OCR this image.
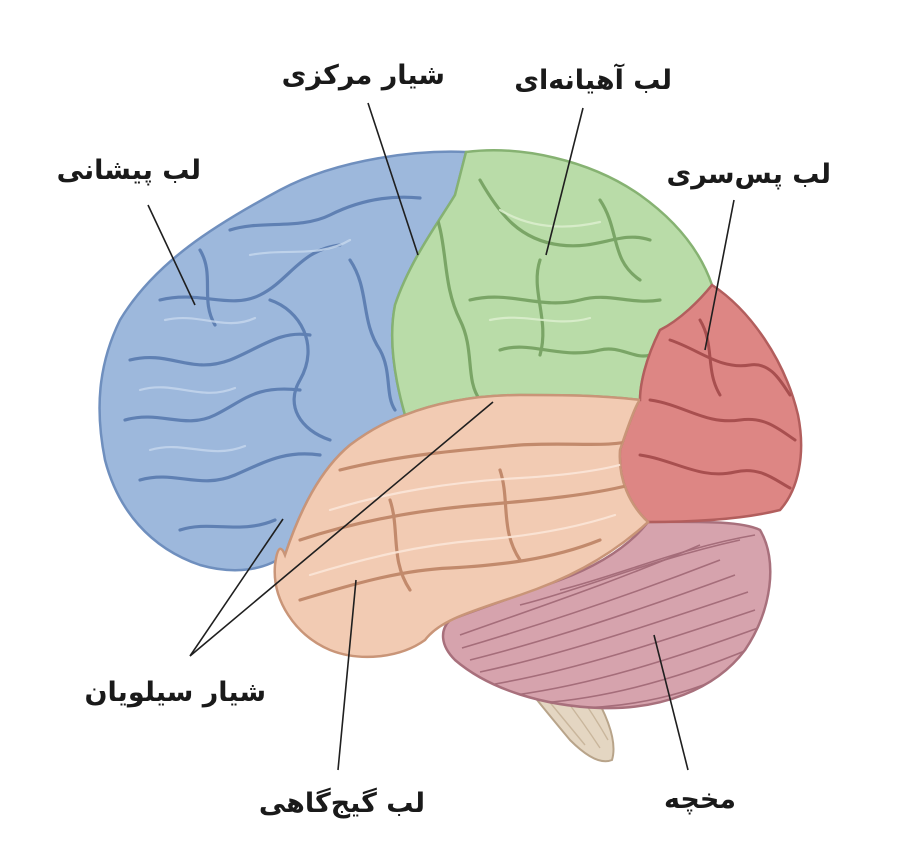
لب پیشانی
شیار مرکزی	لب آهیانه‌ای
لب پس‌سری
شیار سیلویان
لب گیج‌گاهی	مخچه
